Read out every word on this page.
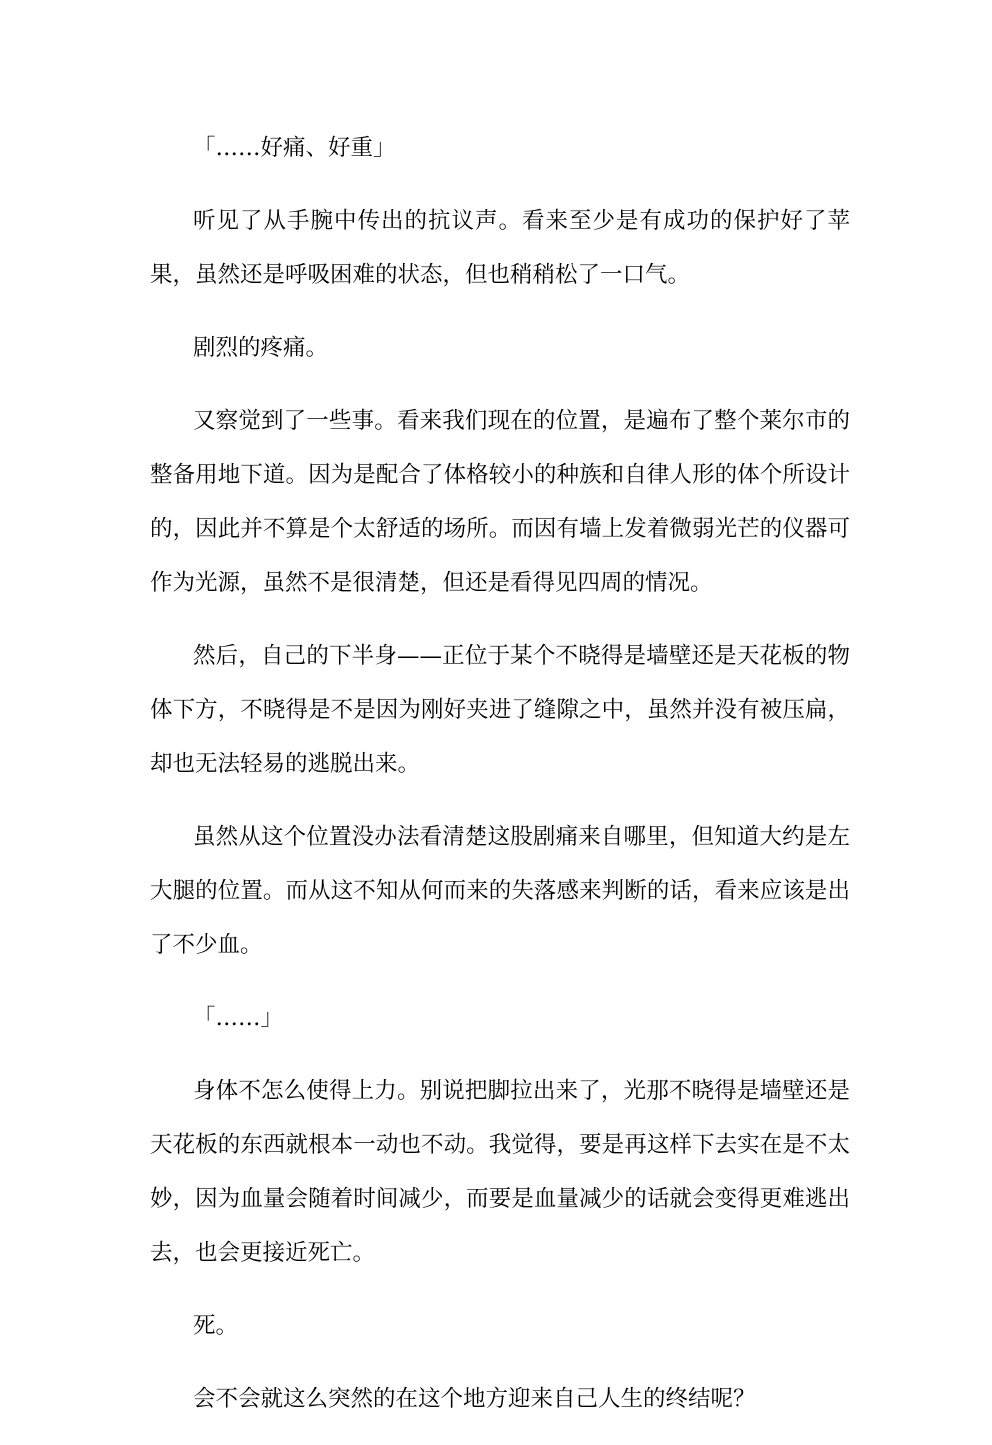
「……好痛、好重」

听见了从手腕中传出的抗议声。看来至少是有成功的保护好了苹果，虽然还是呼吸困难的状态，但也稍稍松了一口气。

剧烈的疼痛。

又察觉到了一些事。看来我们现在的位置，是遍布了整个莱尔市的整备用地下道。因为是配合了体格较小的种族和自律人形的体个所设计的，因此并不算是个太舒适的场所。而因有墙上发着微弱光芒的仪器可作为光源，虽然不是很清楚，但还是看得见四周的情况。

然后，自己的下半身——正位于某个不晓得是墙壁还是天花板的物体下方，不晓得是不是因为刚好夹进了缝隙之中，虽然并没有被压扁，却也无法轻易的逃脱出来。

虽然从这个位置没办法看清楚这股剧痛来自哪里，但知道大约是左大腿的位置。而从这不知从何而来的失落感来判断的话，看来应该是出了不少血。

「……」

身体不怎么使得上力。别说把脚拉出来了，光那不晓得是墙壁还是天花板的东西就根本一动也不动。我觉得，要是再这样下去实在是不太妙，因为血量会随着时间减少，而要是血量减少的话就会变得更难逃出去，也会更接近死亡。

死。

会不会就这么突然的在这个地方迎来自己人生的终结呢？
